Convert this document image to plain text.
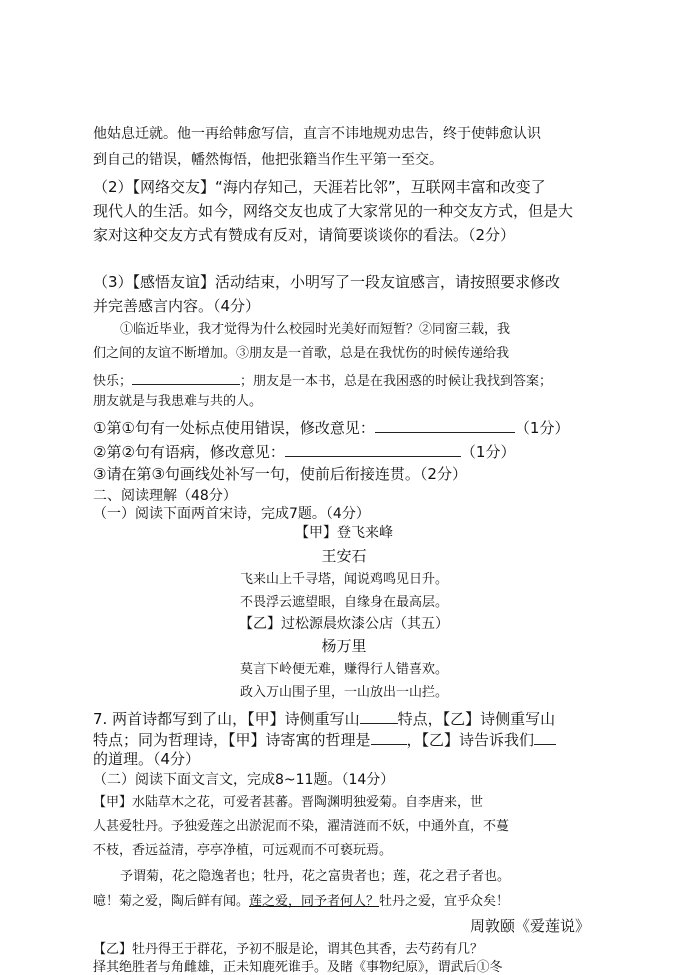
他姑息迁就。他一再给韩愈写信，直言不讳地规劝忠告，终于使韩愈认识
到自己的错误，幡然悔悟，他把张籍当作生平第一至交。
（2）【网络交友】“海内存知己，天涯若比邻”，互联网丰富和改变了
现代人的生活。如今，网络交友也成了大家常见的一种交友方式，但是大
家对这种交友方式有赞成有反对，请简要谈谈你的看法。（2分）
（3）【感悟友谊】活动结束，小明写了一段友谊感言，请按照要求修改
并完善感言内容。（4分）
①临近毕业，我才觉得为什么校园时光美好而短暂？②同窗三载，我
们之间的友谊不断增加。③朋友是一首歌，总是在我忧伤的时候传递给我
快乐；	；朋友是一本书，总是在我困惑的时候让我找到答案；
朋友就是与我患难与共的人。
①第①句有一处标点使用错误，修改意见：	（1分）
②第②句有语病，修改意见：	（1分）
③请在第③句画线处补写一句，使前后衔接连贯。（2分）
二、阅读理解（48分）
（一）阅读下面两首宋诗，完成7题。（4分）
【甲】登飞来峰
王安石
飞来山上千寻塔，闻说鸡鸣见日升。
不畏浮云遮望眼，自缘身在最高层。
【乙】过松源晨炊漆公店（其五）
杨万里
莫言下岭便无难，赚得行人错喜欢。
政入万山围子里，一山放出一山拦。
7. 两首诗都写到了山，【甲】诗侧重写山	特点，【乙】诗侧重写山
特点；同为哲理诗，【甲】诗寄寓的哲理是 ，【乙】诗告诉我们
的道理。（4分）
（二）阅读下面文言文，完成8~11题。（14分）
【甲】水陆草木之花，可爱者甚蕃。晋陶渊明独爱菊。自李唐来，世
人甚爱牡丹。予独爱莲之出淤泥而不染，濯清涟而不妖，中通外直，不蔓
不枝，香远益清，亭亭净植，可远观而不可亵玩焉。
予谓菊，花之隐逸者也；牡丹，花之富贵者也；莲，花之君子者也。
噫！菊之爱，陶后鲜有闻。莲之爱，同予者何人？牡丹之爱，宜乎众矣！
周敦颐《爱莲说》
【乙】牡丹得王于群花，予初不服是论，谓其色其香，去芍药有几？
择其绝胜者与角雌雄，正未知鹿死谁手。及睹《事物纪原》，谓武后①冬
